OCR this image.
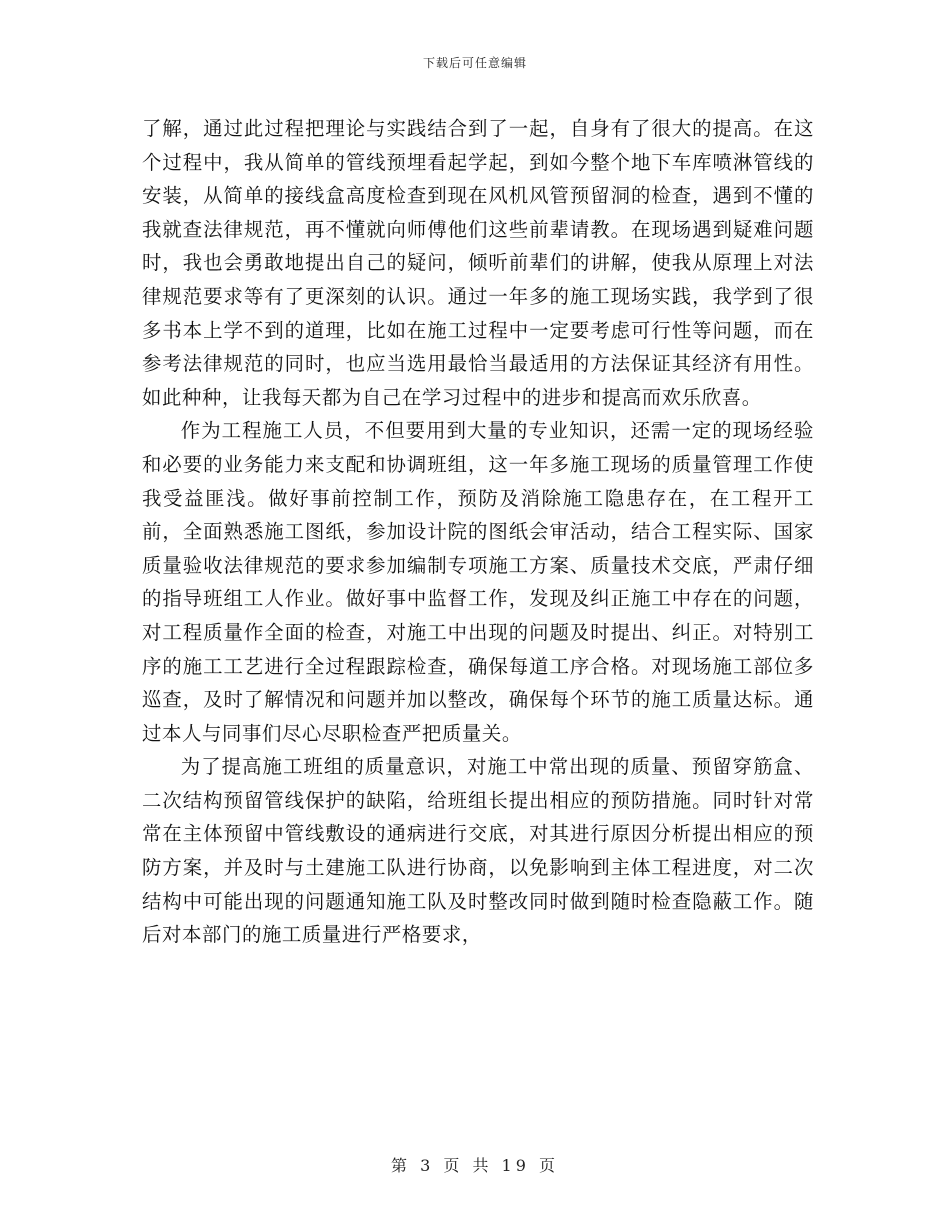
下载后可任意编辑

了解，通过此过程把理论与实践结合到了一起，自身有了很大的提高。在这个过程中，我从简单的管线预埋看起学起，到如今整个地下车库喷淋管线的安装，从简单的接线盒高度检查到现在风机风管预留洞的检查，遇到不懂的我就查法律规范，再不懂就向师傅他们这些前辈请教。在现场遇到疑难问题时，我也会勇敢地提出自己的疑问，倾听前辈们的讲解，使我从原理上对法律规范要求等有了更深刻的认识。通过一年多的施工现场实践，我学到了很多书本上学不到的道理，比如在施工过程中一定要考虑可行性等问题，而在参考法律规范的同时，也应当选用最恰当最适用的方法保证其经济有用性。如此种种，让我每天都为自己在学习过程中的进步和提高而欢乐欣喜。

作为工程施工人员，不但要用到大量的专业知识，还需一定的现场经验和必要的业务能力来支配和协调班组，这一年多施工现场的质量管理工作使我受益匪浅。做好事前控制工作，预防及消除施工隐患存在，在工程开工前，全面熟悉施工图纸，参加设计院的图纸会审活动，结合工程实际、国家质量验收法律规范的要求参加编制专项施工方案、质量技术交底，严肃仔细的指导班组工人作业。做好事中监督工作，发现及纠正施工中存在的问题，对工程质量作全面的检查，对施工中出现的问题及时提出、纠正。对特别工序的施工工艺进行全过程跟踪检查，确保每道工序合格。对现场施工部位多巡查，及时了解情况和问题并加以整改，确保每个环节的施工质量达标。通过本人与同事们尽心尽职检查严把质量关。

为了提高施工班组的质量意识，对施工中常出现的质量、预留穿筋盒、二次结构预留管线保护的缺陷，给班组长提出相应的预防措施。同时针对常常在主体预留中管线敷设的通病进行交底，对其进行原因分析提出相应的预防方案，并及时与土建施工队进行协商，以免影响到主体工程进度，对二次结构中可能出现的问题通知施工队及时整改同时做到随时检查隐蔽工作。随后对本部门的施工质量进行严格要求，

第 3 页 共 19 页
